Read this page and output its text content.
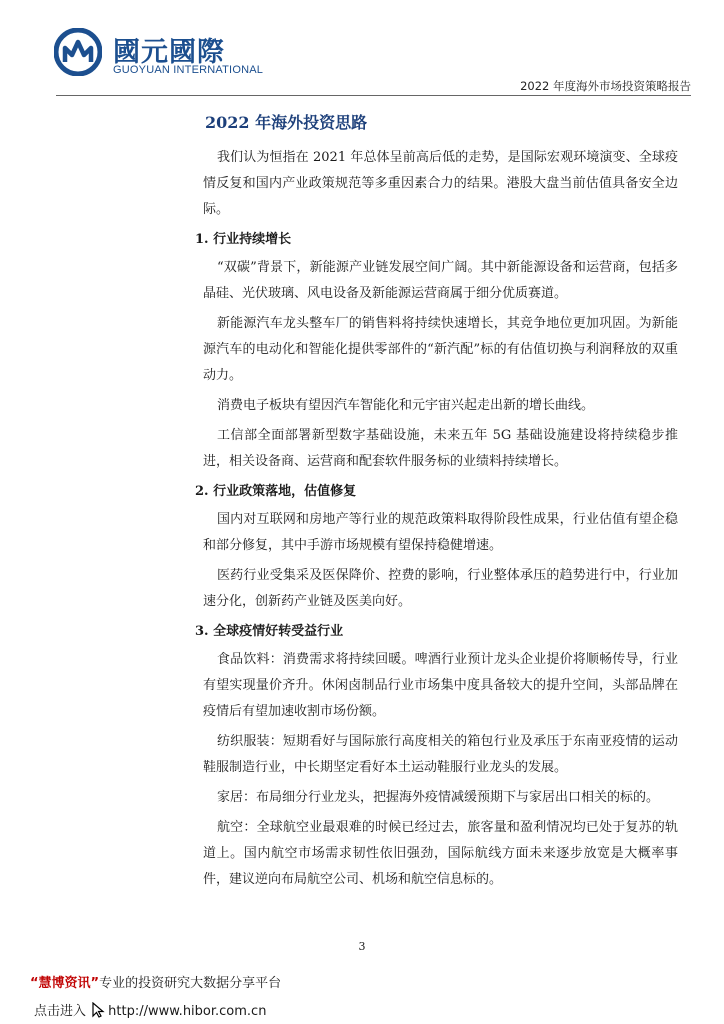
國元國際
GUOYUAN INTERNATIONAL
2022 年度海外市场投资策略报告
2022 年海外投资思路

我们认为恒指在 2021 年总体呈前高后低的走势，是国际宏观环境演变、全球疫情反复和国内产业政策规范等多重因素合力的结果。港股大盘当前估值具备安全边际。

1. 行业持续增长

“双碳”背景下，新能源产业链发展空间广阔。其中新能源设备和运营商，包括多晶硅、光伏玻璃、风电设备及新能源运营商属于细分优质赛道。

新能源汽车龙头整车厂的销售料将持续快速增长，其竞争地位更加巩固。为新能源汽车的电动化和智能化提供零部件的“新汽配”标的有估值切换与利润释放的双重动力。

消费电子板块有望因汽车智能化和元宇宙兴起走出新的增长曲线。

工信部全面部署新型数字基础设施，未来五年 5G 基础设施建设将持续稳步推进，相关设备商、运营商和配套软件服务标的业绩料持续增长。

2. 行业政策落地，估值修复

国内对互联网和房地产等行业的规范政策料取得阶段性成果，行业估值有望企稳和部分修复，其中手游市场规模有望保持稳健增速。

医药行业受集采及医保降价、控费的影响，行业整体承压的趋势进行中，行业加速分化，创新药产业链及医美向好。

3. 全球疫情好转受益行业

食品饮料：消费需求将持续回暖。啤酒行业预计龙头企业提价将顺畅传导，行业有望实现量价齐升。休闲卤制品行业市场集中度具备较大的提升空间，头部品牌在疫情后有望加速收割市场份额。

纺织服装：短期看好与国际旅行高度相关的箱包行业及承压于东南亚疫情的运动鞋服制造行业，中长期坚定看好本土运动鞋服行业龙头的发展。

家居：布局细分行业龙头，把握海外疫情减缓预期下与家居出口相关的标的。

航空：全球航空业最艰难的时候已经过去，旅客量和盈利情况均已处于复苏的轨道上。国内航空市场需求韧性依旧强劲，国际航线方面未来逐步放宽是大概率事件，建议逆向布局航空公司、机场和航空信息标的。

3
“慧博资讯”专业的投资研究大数据分享平台
点击进入 http://www.hibor.com.cn
